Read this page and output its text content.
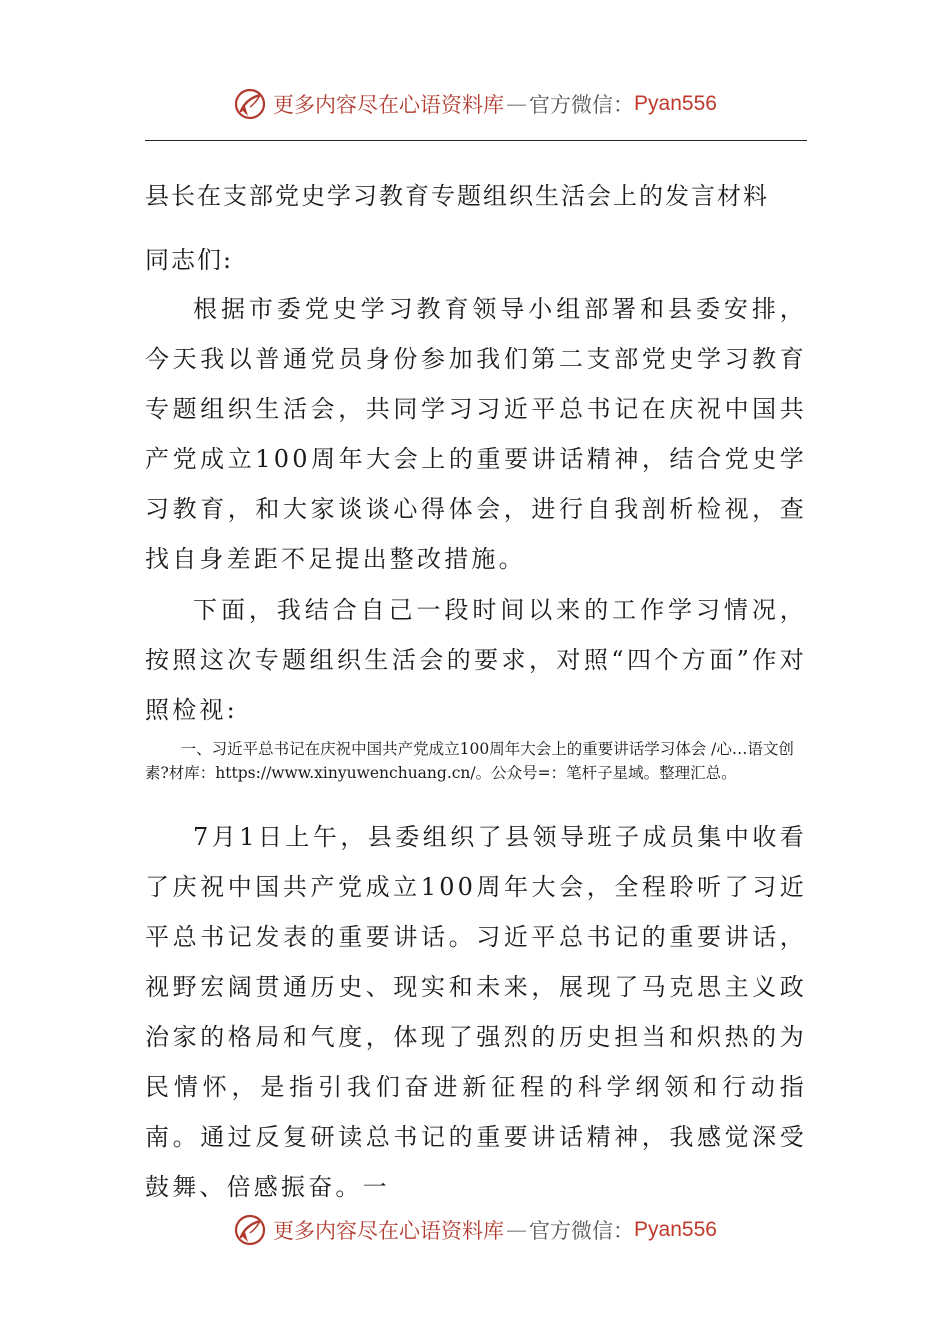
更多内容尽在心语资料库 — 官方微信： Pyan556
县长在支部党史学习教育专题组织生活会上的发言材料
同志们:

根据市委党史学习教育领导小组部署和县委安排，今天我以普通党员身份参加我们第二支部党史学习教育专题组织生活会，共同学习习近平总书记在庆祝中国共产党成立100周年大会上的重要讲话精神，结合党史学习教育，和大家谈谈心得体会，进行自我剖析检视，查找自身差距不足提出整改措施。

下面，我结合自己一段时间以来的工作学习情况，按照这次专题组织生活会的要求，对照“四个方面”作对照检视:

一、习近平总书记在庆祝中国共产党成立100周年大会上的重要讲话学习体会 /心…语文创素?材库：https://www.xinyuwenchuang.cn/。公众号=：笔杆子星域。整理汇总。

7月1日上午，县委组织了县领导班子成员集中收看了庆祝中国共产党成立100周年大会，全程聆听了习近平总书记发表的重要讲话。习近平总书记的重要讲话，视野宏阔贯通历史、现实和未来，展现了马克思主义政治家的格局和气度，体现了强烈的历史担当和炽热的为民情怀，是指引我们奋进新征程的科学纲领和行动指南。通过反复研读总书记的重要讲话精神，我感觉深受鼓舞、倍感振奋。一

更多内容尽在心语资料库 — 官方微信： Pyan556
